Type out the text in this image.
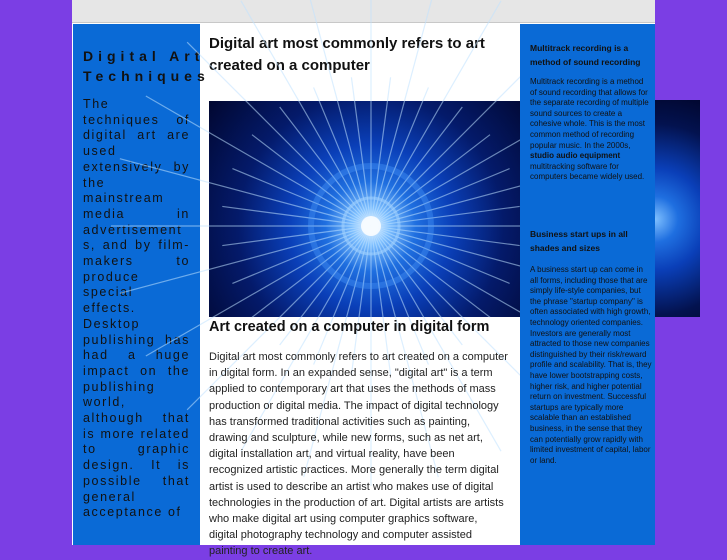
Digital Art Techniques
The techniques of digital art are used extensively by the mainstream media in advertisements, and by film-makers to produce special effects. Desktop publishing has had a huge impact on the publishing world, although that is more related to graphic design. It is possible that general acceptance of
Digital art most commonly refers to art created on a computer
Art created on a computer in digital form
Digital art most commonly refers to art created on a computer in digital form. In an expanded sense, "digital art" is a term applied to contemporary art that uses the methods of mass production or digital media. The impact of digital technology has transformed traditional activities such as painting, drawing and sculpture, while new forms, such as net art, digital installation art, and virtual reality, have been recognized artistic practices. More generally the term digital artist is used to describe an artist who makes use of digital technologies in the production of art. Digital artists are artists who make digital art using computer graphics software, digital photography technology and computer assisted painting to create art.
Multitrack recording is a method of sound recording
Multitrack recording is a method of sound recording that allows for the separate recording of multiple sound sources to create a cohesive whole. This is the most common method of recording popular music. In the 2000s, studio audio equipment multitracking software for computers became widely used.
Business start ups in all shades and sizes
A business start up can come in all forms, including those that are simply life-style companies, but the phrase "startup company" is often associated with high growth, technology oriented companies. Investors are generally most attracted to those new companies distinguished by their risk/reward profile and scalability. That is, they have lower bootstrapping costs, higher risk, and higher potential return on investment. Successful startups are typically more scalable than an established business, in the sense that they can potentially grow rapidly with limited investment of capital, labor or land.
